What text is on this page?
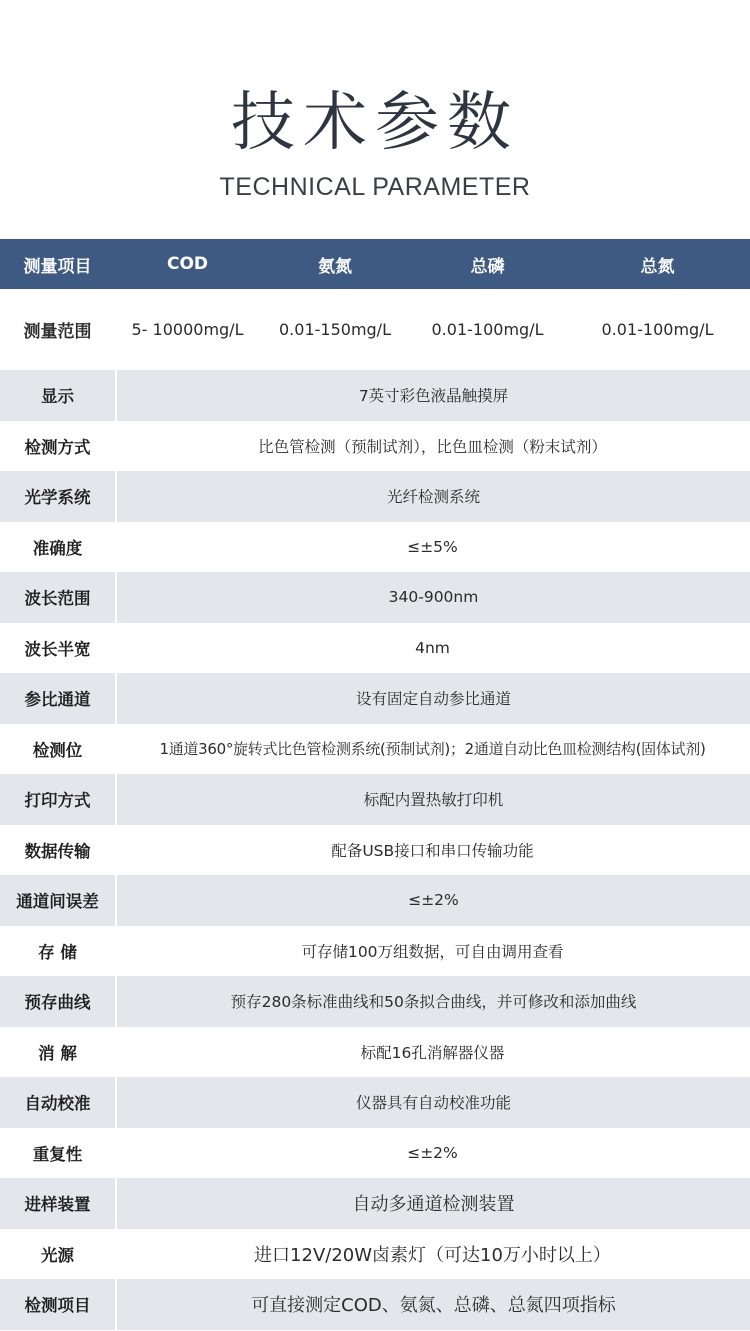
技术参数
TECHNICAL PARAMETER
测量项目	COD	氨氮	总磷	总氮
测量范围	5- 10000mg/L	0.01-150mg/L	0.01-100mg/L	0.01-100mg/L
显示	7英寸彩色液晶触摸屏
检测方式	比色管检测（预制试剂），比色皿检测（粉末试剂）
光学系统	光纤检测系统
准确度	≤±5%
波长范围	340-900nm
波长半宽	4nm
参比通道	设有固定自动参比通道
检测位	1通道360°旋转式比色管检测系统(预制试剂)；2通道自动比色皿检测结构(固体试剂)
打印方式	标配内置热敏打印机
数据传输	配备USB接口和串口传输功能
通道间误差	≤±2%
存 储	可存储100万组数据，可自由调用查看
预存曲线	预存280条标准曲线和50条拟合曲线，并可修改和添加曲线
消 解	标配16孔消解器仪器
自动校准	仪器具有自动校准功能
重复性	≤±2%
进样装置	自动多通道检测装置
光源	进口12V/20W卤素灯（可达10万小时以上）
检测项目	可直接测定COD、氨氮、总磷、总氮四项指标
